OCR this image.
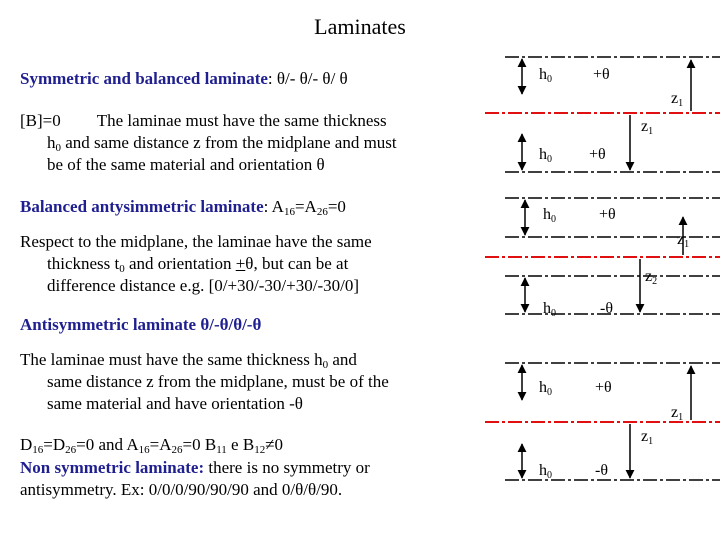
Laminates
Symmetric and balanced laminate: θ/- θ/- θ/ θ
[B]=0 The laminae must have the same thickness
$h_0$ and same distance z from the midplane and must
be of the same material and orientation θ
Balanced antysimmetric laminate: $A_{16}=A_{26}=0$
Respect to the midplane, the laminae have the same
thickness $t_0$ and orientation +θ, but can be at
difference distance e.g. [0/+30/-30/+30/-30/0]
Antisymmetric laminate θ/-θ/θ/-θ
The laminae must have the same thickness $h_0$ and
same distance z from the midplane, must be of the
same material and have orientation -θ
$D_{16}=D_{26}=0$ and $A_{16}=A_{26}=0$ $B_{11}$ e $B_{12}\ne 0$
Non symmetric laminate: there is no symmetry or
antisymmetry. Ex: 0/0/0/90/90/90 and 0/θ/θ/90.
$h_0$	+θ
$z_1$
$z_1$
$h_0 +\theta$
$h_0$	+θ
$z_1$
$z_2$
$h_0$	-θ
$h_0$	+θ
$z_1$
$z_1$
$h_0$	-θ
